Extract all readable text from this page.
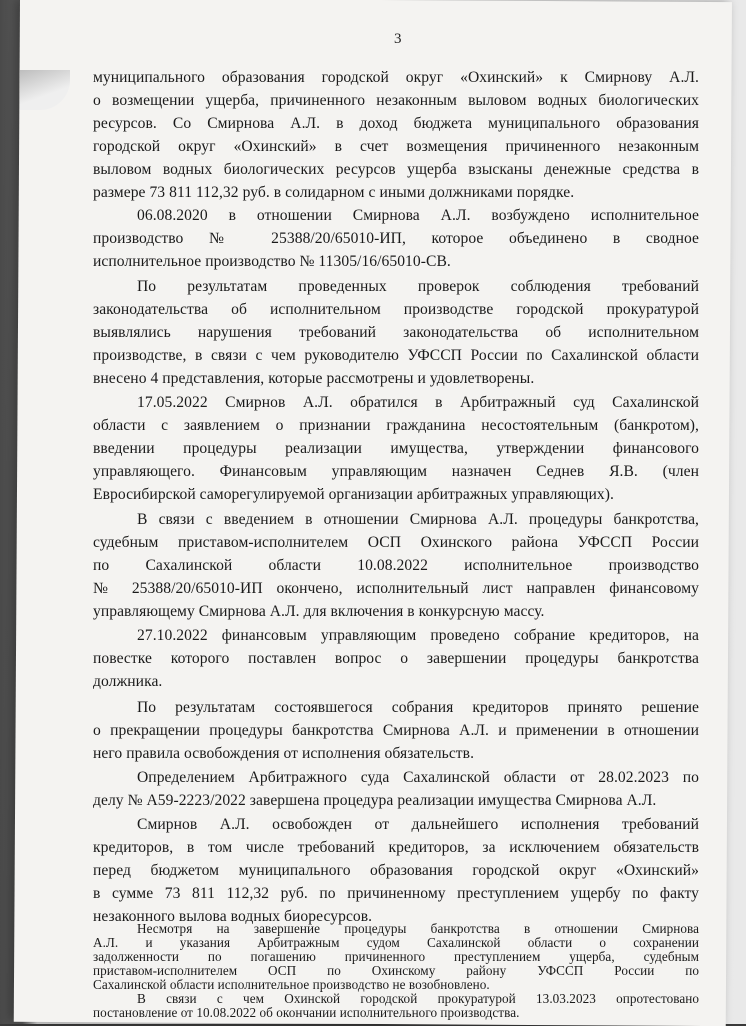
3
муниципального образования городской округ «Охинский» к Смирнову А.Л.
о возмещении ущерба, причиненного незаконным выловом водных биологических
ресурсов. Со Смирнова А.Л. в доход бюджета муниципального образования
городской округ «Охинский» в счет возмещения причиненного незаконным
выловом водных биологических ресурсов ущерба взысканы денежные средства в
размере 73 811 112,32 руб. в солидарном с иными должниками порядке.
06.08.2020 в отношении Смирнова А.Л. возбуждено исполнительное
производство № 25388/20/65010-ИП, которое объединено в сводное
исполнительное производство № 11305/16/65010-СВ.
По результатам проведенных проверок соблюдения требований
законодательства об исполнительном производстве городской прокуратурой
выявлялись нарушения требований законодательства об исполнительном
производстве, в связи с чем руководителю УФССП России по Сахалинской области
внесено 4 представления, которые рассмотрены и удовлетворены.
17.05.2022 Смирнов А.Л. обратился в Арбитражный суд Сахалинской
области с заявлением о признании гражданина несостоятельным (банкротом),
введении процедуры реализации имущества, утверждении финансового
управляющего. Финансовым управляющим назначен Седнев Я.В. (член
Евросибирской саморегулируемой организации арбитражных управляющих).
В связи с введением в отношении Смирнова А.Л. процедуры банкротства,
судебным приставом-исполнителем ОСП Охинского района УФССП России
по Сахалинской области 10.08.2022 исполнительное производство
№ 25388/20/65010-ИП окончено, исполнительный лист направлен финансовому
управляющему Смирнова А.Л. для включения в конкурсную массу.
27.10.2022 финансовым управляющим проведено собрание кредиторов, на
повестке которого поставлен вопрос о завершении процедуры банкротства
должника.
По результатам состоявшегося собрания кредиторов принято решение
о прекращении процедуры банкротства Смирнова А.Л. и применении в отношении
него правила освобождения от исполнения обязательств.
Определением Арбитражного суда Сахалинской области от 28.02.2023 по
делу № А59-2223/2022 завершена процедура реализации имущества Смирнова А.Л.
Смирнов А.Л. освобожден от дальнейшего исполнения требований
кредиторов, в том числе требований кредиторов, за исключением обязательств
перед бюджетом муниципального образования городской округ «Охинский»
в сумме 73 811 112,32 руб. по причиненному преступлением ущербу по факту
незаконного вылова водных биоресурсов.
Несмотря на завершение процедуры банкротства в отношении Смирнова
А.Л. и указания Арбитражным судом Сахалинской области о сохранении
задолженности по погашению причиненного преступлением ущерба, судебным
приставом-исполнителем ОСП по Охинскому району УФССП России по
Сахалинской области исполнительное производство не возобновлено.
В связи с чем Охинской городской прокуратурой 13.03.2023 опротестовано
постановление от 10.08.2022 об окончании исполнительного производства.
